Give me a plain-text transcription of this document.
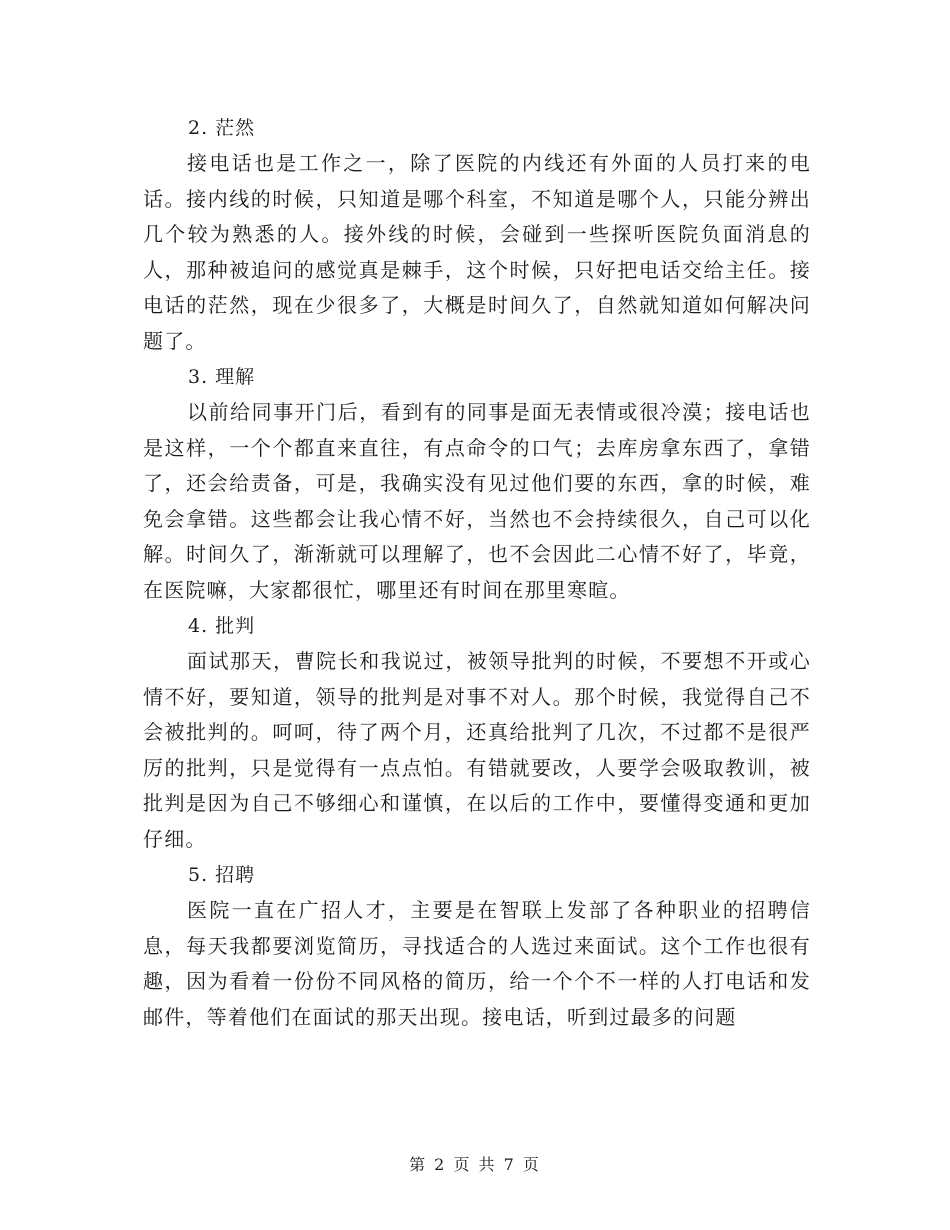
2. 茫然

接电话也是工作之一，除了医院的内线还有外面的人员打来的电话。接内线的时候，只知道是哪个科室，不知道是哪个人，只能分辨出几个较为熟悉的人。接外线的时候，会碰到一些探听医院负面消息的人，那种被追问的感觉真是棘手，这个时候，只好把电话交给主任。接电话的茫然，现在少很多了，大概是时间久了，自然就知道如何解决问题了。

3. 理解

以前给同事开门后，看到有的同事是面无表情或很冷漠；接电话也是这样，一个个都直来直往，有点命令的口气；去库房拿东西了，拿错了，还会给责备，可是，我确实没有见过他们要的东西，拿的时候，难免会拿错。这些都会让我心情不好，当然也不会持续很久，自己可以化解。时间久了，渐渐就可以理解了，也不会因此二心情不好了，毕竟，在医院嘛，大家都很忙，哪里还有时间在那里寒暄。

4. 批判

面试那天，曹院长和我说过，被领导批判的时候，不要想不开或心情不好，要知道，领导的批判是对事不对人。那个时候，我觉得自己不会被批判的。呵呵，待了两个月，还真给批判了几次，不过都不是很严厉的批判，只是觉得有一点点怕。有错就要改，人要学会吸取教训，被批判是因为自己不够细心和谨慎，在以后的工作中，要懂得变通和更加仔细。

5. 招聘

医院一直在广招人才，主要是在智联上发部了各种职业的招聘信息，每天我都要浏览简历，寻找适合的人选过来面试。这个工作也很有趣，因为看着一份份不同风格的简历，给一个个不一样的人打电话和发邮件，等着他们在面试的那天出现。接电话，听到过最多的问题

第 2 页 共 7 页
